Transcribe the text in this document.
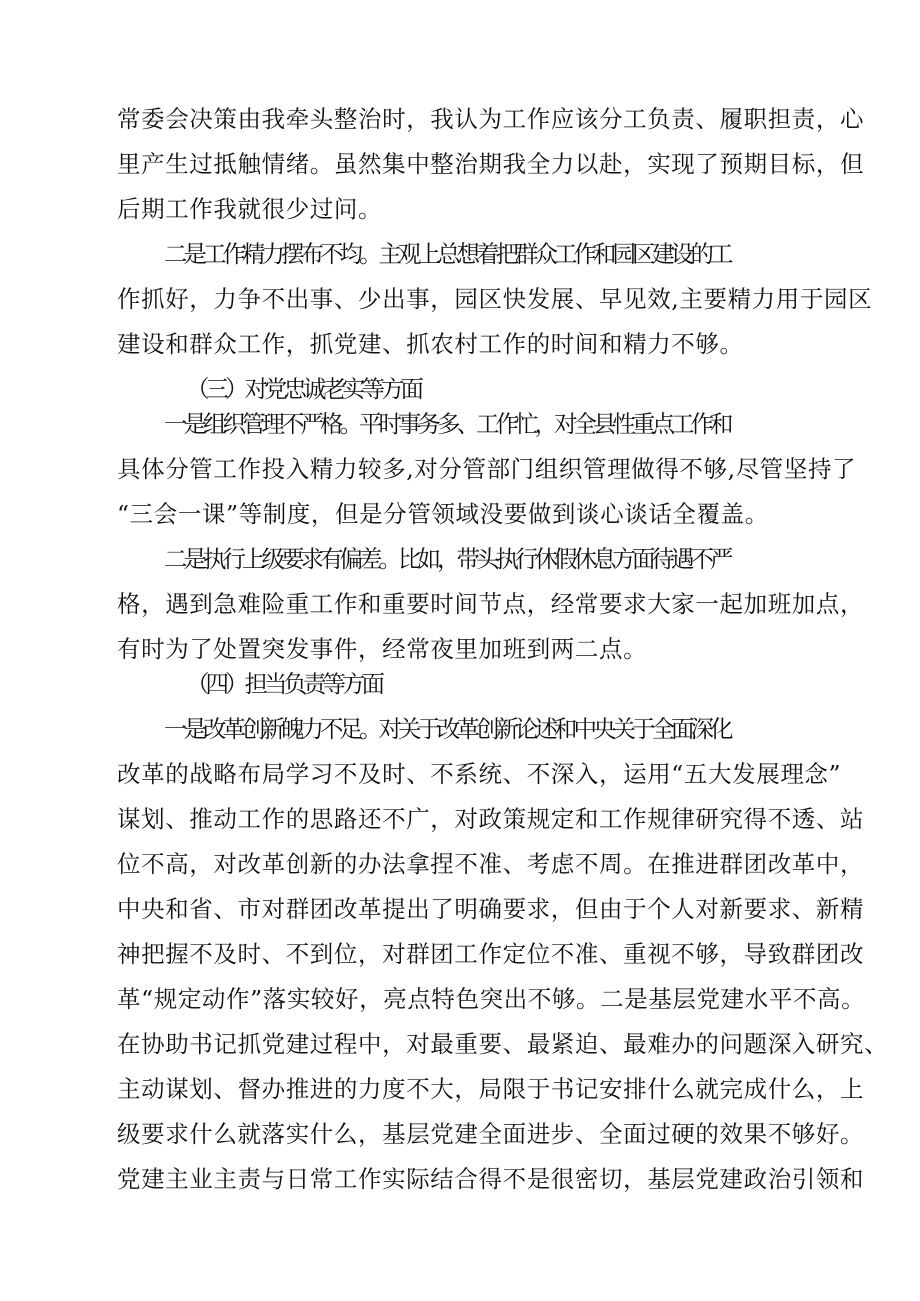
常委会决策由我牵头整治时，我认为工作应该分工负责、履职担责，心
里产生过抵触情绪。虽然集中整治期我全力以赴，实现了预期目标，但
后期工作我就很少过问。
二是工作精力摆布不均。主观上总想着把群众工作和园区建设的工
作抓好，力争不出事、少出事，园区快发展、早见效,主要精力用于园区
建设和群众工作，抓党建、抓农村工作的时间和精力不够。
（三）对党忠诚老实等方面
一是组织管理不严格。平时事务多、工作忙，对全县性重点工作和
具体分管工作投入精力较多,对分管部门组织管理做得不够,尽管坚持了
“三会一课”等制度，但是分管领域没要做到谈心谈话全覆盖。
二是执行上级要求有偏差。比如，带头执行休假休息方面待遇不严
格，遇到急难险重工作和重要时间节点，经常要求大家一起加班加点，
有时为了处置突发事件，经常夜里加班到两二点。
（四）担当负责等方面
一是改革创新魄力不足。对关于改革创新论述和中央关于全面深化
改革的战略布局学习不及时、不系统、不深入，运用“五大发展理念”
谋划、推动工作的思路还不广，对政策规定和工作规律研究得不透、站
位不高，对改革创新的办法拿捏不准、考虑不周。在推进群团改革中，
中央和省、市对群团改革提出了明确要求，但由于个人对新要求、新精
神把握不及时、不到位，对群团工作定位不准、重视不够，导致群团改
革“规定动作”落实较好，亮点特色突出不够。二是基层党建水平不高。
在协助书记抓党建过程中，对最重要、最紧迫、最难办的问题深入研究、
主动谋划、督办推进的力度不大，局限于书记安排什么就完成什么，上
级要求什么就落实什么，基层党建全面进步、全面过硬的效果不够好。
党建主业主责与日常工作实际结合得不是很密切，基层党建政治引领和
